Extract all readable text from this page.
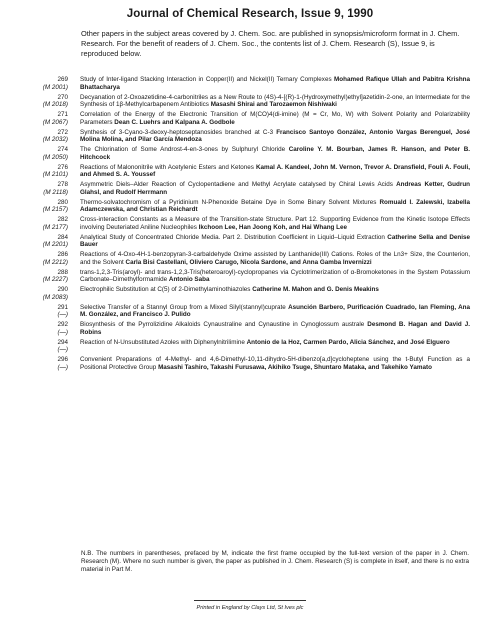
Journal of Chemical Research, Issue 9, 1990
Other papers in the subject areas covered by J. Chem. Soc. are published in synopsis/microform format in J. Chem. Research. For the benefit of readers of J. Chem. Soc., the contents list of J. Chem. Research (S), Issue 9, is reproduced below.
269
(M 2001)
Study of Inter-ligand Stacking Interaction in Copper(II) and Nickel(II) Ternary Complexes Mohamed Rafique Ullah and Pabitra Krishna Bhattacharya
270
(M 2018)
Decyanation of 2-Oxoazetidine-4-carbonitriles as a New Route to (4S)-4-[(R)-1-(Hydroxymethyl)ethyl]azetidin-2-one, an Intermediate for the Synthesis of 1β-Methylcarbapenem Antibiotics Masashi Shirai and Tarozaemon Nishiwaki
271
(M 2067)
Correlation of the Energy of the Electronic Transition of M(CO)4(di-imine) (M = Cr, Mo, W) with Solvent Polarity and Polarizability Parameters Dean C. Luehrs and Kalpana A. Godbole
272
(M 2032)
Synthesis of 3-Cyano-3-deoxy-heptoseptanosides branched at C-3 Francisco Santoyo González, Antonio Vargas Berenguel, José Molina Molina, and Pilar García Mendoza
274
(M 2050)
The Chlorination of Some Androst-4-en-3-ones by Sulphuryl Chloride Caroline Y. M. Bourban, James R. Hanson, and Peter B. Hitchcock
276
(M 2101)
Reactions of Malononitrile with Acetylenic Esters and Ketones Kamal A. Kandeel, John M. Vernon, Trevor A. Dransfield, Fouli A. Fouli, and Ahmed S. A. Youssef
278
(M 2118)
Asymmetric Diels–Alder Reaction of Cyclopentadiene and Methyl Acrylate catalysed by Chiral Lewis Acids Andreas Ketter, Gudrun Glahsl, and Rudolf Herrmann
280
(M 2157)
Thermo-solvatochromism of a Pyridinium N-Phenoxide Betaine Dye in Some Binary Solvent Mixtures Romuald I. Zalewski, Izabella Adamczewska, and Christian Reichardt
282
(M 2177)
Cross-interaction Constants as a Measure of the Transition-state Structure. Part 12. Supporting Evidence from the Kinetic Isotope Effects involving Deuteriated Aniline Nucleophiles Ikchoon Lee, Han Joong Koh, and Hai Whang Lee
284
(M 2201)
Analytical Study of Concentrated Chloride Media. Part 2. Distribution Coefficient in Liquid–Liquid Extraction Catherine Sella and Denise Bauer
286
(M 2212)
Reactions of 4-Oxo-4H-1-benzopyran-3-carbaldehyde Oxime assisted by Lanthanide(III) Cations. Roles of the Ln3+ Size, the Counterion, and the Solvent Carla Bisi Castellani, Oliviero Carugo, Nicola Sardone, and Anna Gamba Invernizzi
288
(M 2227)
trans-1,2,3-Tris(aroyl)- and trans-1,2,3-Tris(heteroaroyl)-cyclopropanes via Cyclotrimerization of α-Bromoketones in the System Potassium Carbonate–Dimethylformamide Antonio Saba
290
(M 2083)
Electrophilic Substitution at C(5) of 2-Dimethylaminothiazoles Catherine M. Mahon and G. Denis Meakins
291
(—)
Selective Transfer of a Stannyl Group from a Mixed Silyl(stannyl)cuprate Asunción Barbero, Purificación Cuadrado, Ian Fleming, Ana M. González, and Francisco J. Pulido
292
(—)
Biosynthesis of the Pyrrolizidine Alkaloids Cynaustraline and Cynaustine in Cynoglossum australe Desmond B. Hagan and David J. Robins
294
(—)
Reaction of N-Unsubstituted Azoles with Diphenylnitrilimine Antonio de la Hoz, Carmen Pardo, Alicia Sánchez, and José Elguero
296
(—)
Convenient Preparations of 4-Methyl- and 4,6-Dimethyl-10,11-dihydro-5H-dibenzo[a,d]cycloheptene using the t-Butyl Function as a Positional Protective Group Masashi Tashiro, Takashi Furusawa, Akihiko Tsuge, Shuntaro Mataka, and Takehiko Yamato
N.B. The numbers in parentheses, prefaced by M, indicate the first frame occupied by the full-text version of the paper in J. Chem. Research (M). Where no such number is given, the paper as published in J. Chem. Research (S) is complete in itself, and there is no extra material in Part M.
Printed in England by Clays Ltd, St Ives plc
